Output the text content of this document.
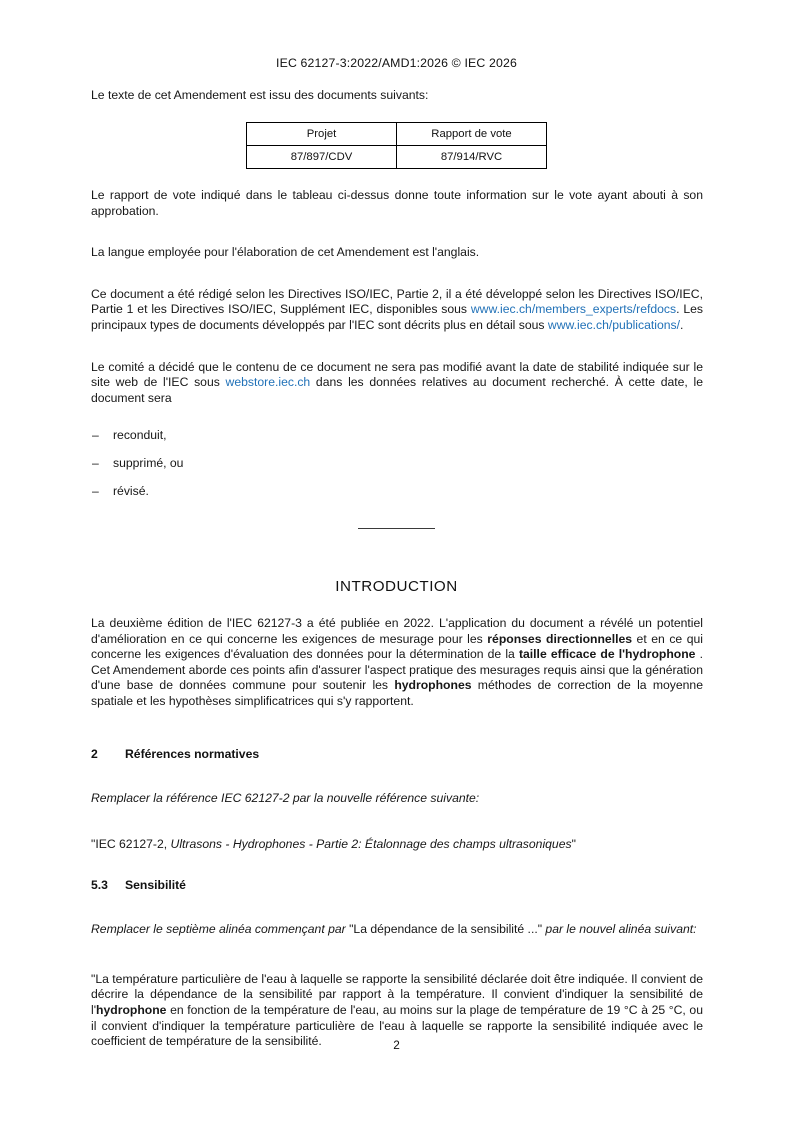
IEC 62127-3:2022/AMD1:2026 © IEC 2026

Le texte de cet Amendement est issu des documents suivants:

Projet	Rapport de vote
87/897/CDV	87/914/RVC

Le rapport de vote indiqué dans le tableau ci-dessus donne toute information sur le vote ayant abouti à son approbation.

La langue employée pour l'élaboration de cet Amendement est l'anglais.

Ce document a été rédigé selon les Directives ISO/IEC, Partie 2, il a été développé selon les Directives ISO/IEC, Partie 1 et les Directives ISO/IEC, Supplément IEC, disponibles sous www.iec.ch/members_experts/refdocs. Les principaux types de documents développés par l'IEC sont décrits plus en détail sous www.iec.ch/publications/.

Le comité a décidé que le contenu de ce document ne sera pas modifié avant la date de stabilité indiquée sur le site web de l'IEC sous webstore.iec.ch dans les données relatives au document recherché. À cette date, le document sera

– reconduit,
– supprimé, ou
– révisé.
INTRODUCTION

La deuxième édition de l'IEC 62127-3 a été publiée en 2022. L'application du document a révélé un potentiel d'amélioration en ce qui concerne les exigences de mesurage pour les réponses directionnelles et en ce qui concerne les exigences d'évaluation des données pour la détermination de la taille efficace de l'hydrophone . Cet Amendement aborde ces points afin d'assurer l'aspect pratique des mesurages requis ainsi que la génération d'une base de données commune pour soutenir les hydrophones méthodes de correction de la moyenne spatiale et les hypothèses simplificatrices qui s'y rapportent.

2	Références normatives

Remplacer la référence IEC 62127-2 par la nouvelle référence suivante:

"IEC 62127-2, Ultrasons - Hydrophones - Partie 2: Étalonnage des champs ultrasoniques"

5.3	Sensibilité

Remplacer le septième alinéa commençant par "La dépendance de la sensibilité ..." par le nouvel alinéa suivant:

"La température particulière de l'eau à laquelle se rapporte la sensibilité déclarée doit être indiquée. Il convient de décrire la dépendance de la sensibilité par rapport à la température. Il convient d'indiquer la sensibilité de l'hydrophone en fonction de la température de l'eau, au moins sur la plage de température de 19 °C à 25 °C, ou il convient d'indiquer la température particulière de l'eau à laquelle se rapporte la sensibilité indiquée avec le coefficient de température de la sensibilité.	2
